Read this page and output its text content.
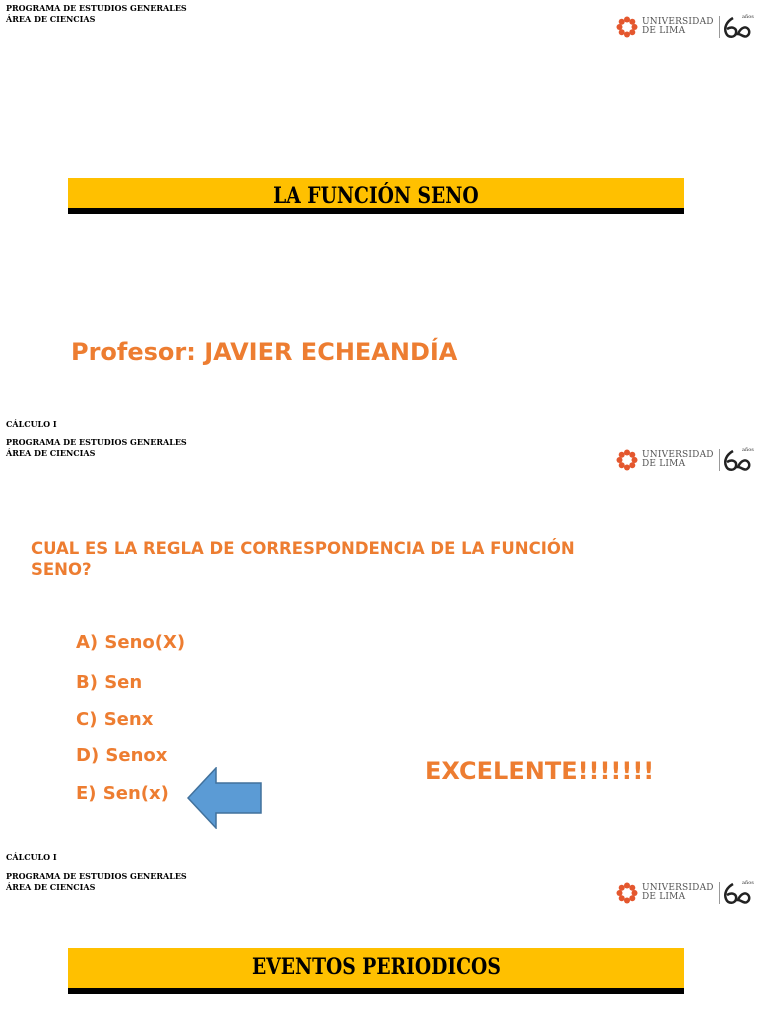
PROGRAMA DE ESTUDIOS GENERALES
ÁREA DE CIENCIAS	UNIVERSIDAD
DE LIMA
años
LA FUNCIÓN SENO
Profesor: JAVIER ECHEANDÍA
CÁLCULO I
PROGRAMA DE ESTUDIOS GENERALES
ÁREA DE CIENCIAS	UNIVERSIDAD
DE LIMA
años
CUAL ES LA REGLA DE CORRESPONDENCIA DE LA FUNCIÓN
SENO?
A) Seno(X)
B) Sen
C) Senx
D) Senox
E) Sen(x)
EXCELENTE!!!!!!!
CÁLCULO I
PROGRAMA DE ESTUDIOS GENERALES
ÁREA DE CIENCIAS	UNIVERSIDAD
DE LIMA
años
EVENTOS PERIODICOS
